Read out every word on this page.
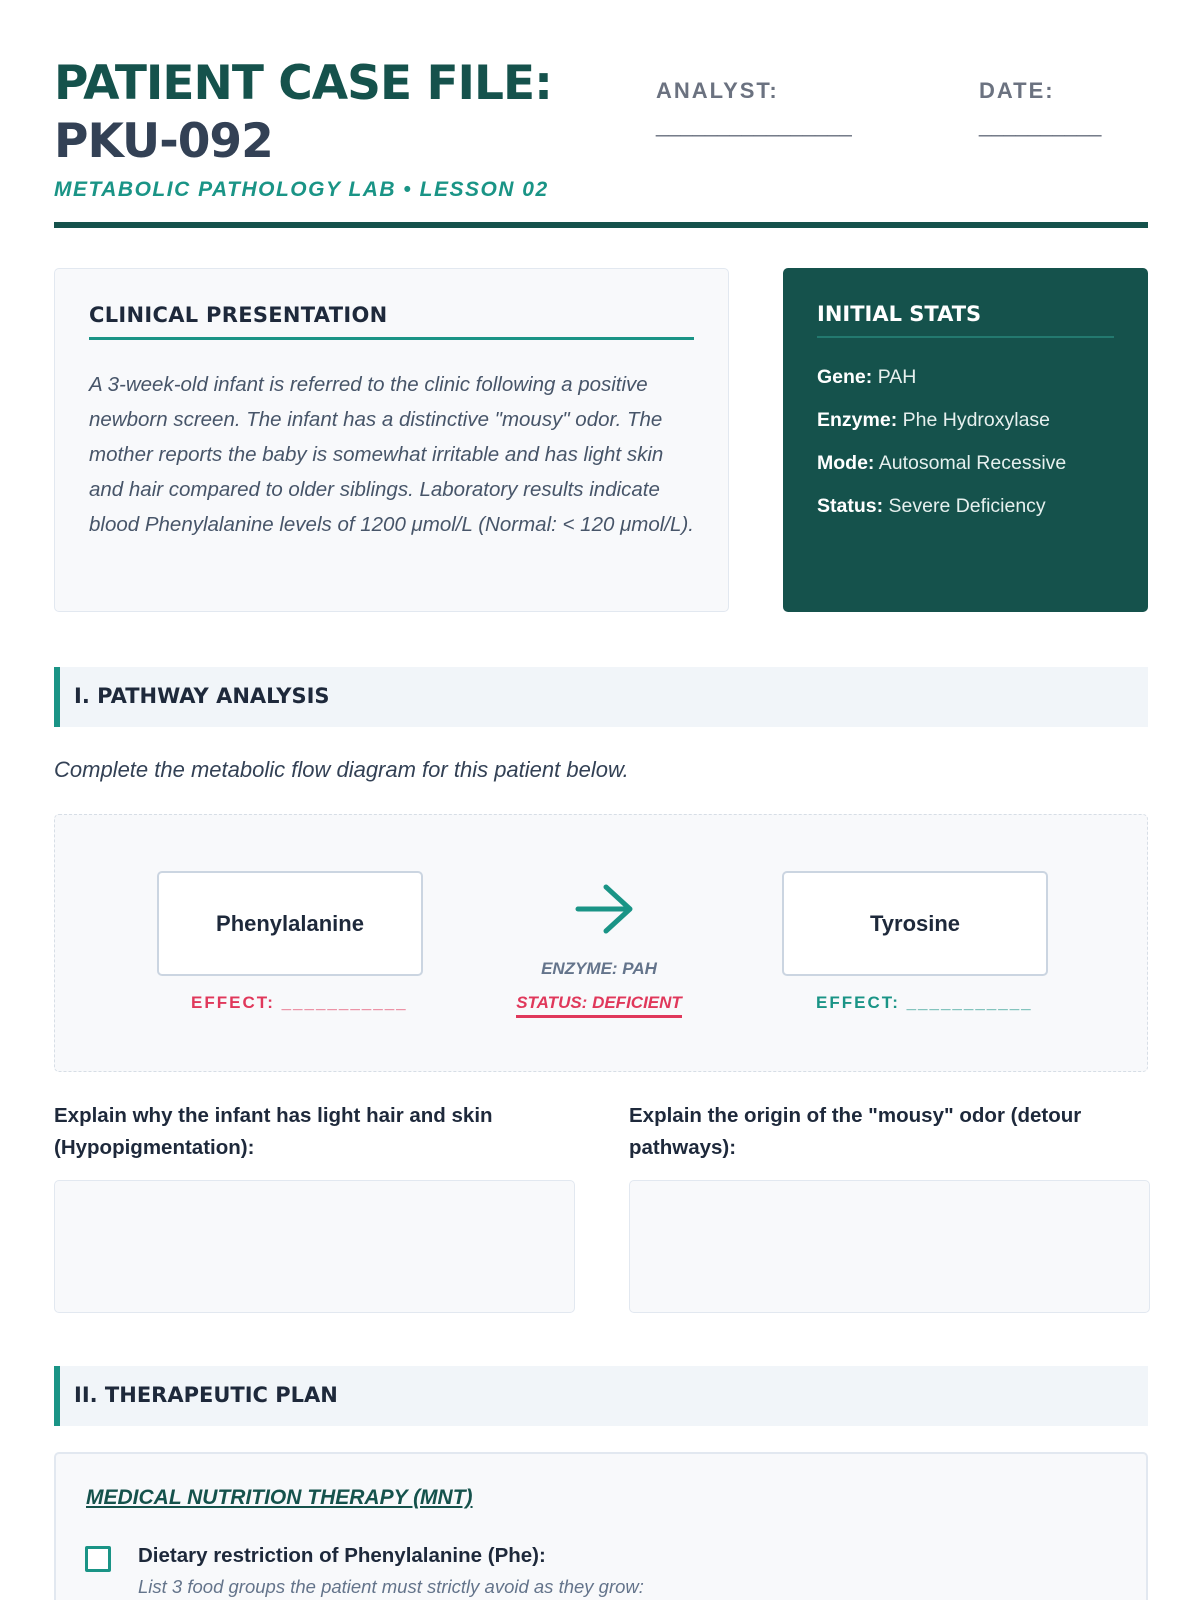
PATIENT CASE FILE:
PKU-092
METABOLIC PATHOLOGY LAB • LESSON 02
ANALYST:
________________
DATE:
__________
CLINICAL PRESENTATION

A 3-week-old infant is referred to the clinic following a positive newborn screen. The infant has a distinctive "mousy" odor. The mother reports the baby is somewhat irritable and has light skin and hair compared to older siblings. Laboratory results indicate blood Phenylalanine levels of 1200 μmol/L (Normal: < 120 μmol/L).

INITIAL STATS
Gene: PAH
Enzyme: Phe Hydroxylase
Mode: Autosomal Recessive
Status: Severe Deficiency
I. PATHWAY ANALYSIS
Complete the metabolic flow diagram for this patient below.
Phenylalanine
EFFECT: ___________
ENZYME: PAH
STATUS: DEFICIENT
Tyrosine
EFFECT: ___________
Explain why the infant has light hair and skin (Hypopigmentation):
Explain the origin of the "mousy" odor (detour pathways):
II. THERAPEUTIC PLAN
MEDICAL NUTRITION THERAPY (MNT)
Dietary restriction of Phenylalanine (Phe):
List 3 food groups the patient must strictly avoid as they grow:
